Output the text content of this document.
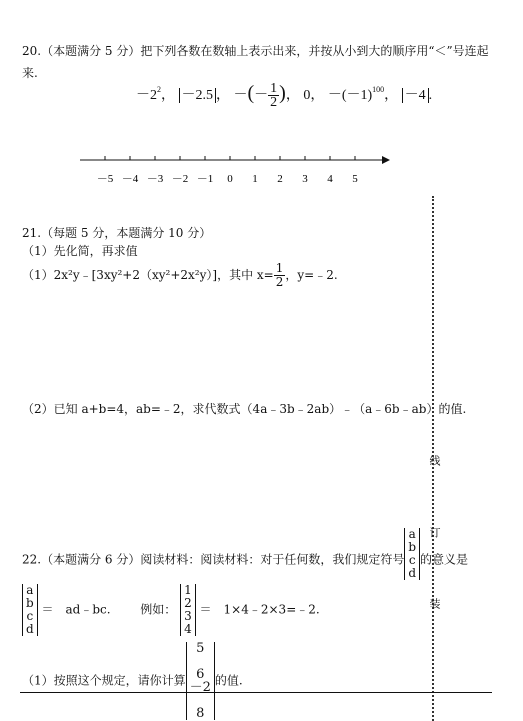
20.（本题满分 5 分）把下列各数在数轴上表示出来，并按从小到大的顺序用“＜”号连起
来.
$-2^2$， －2.5 ， －(－ $\frac{1}{2}$ )， 0， $-(-1)^{100}$， －4 .
－5 －4 －3 －2 －1 0 1 2 3 4 5
21.（每题 5 分，本题满分 10 分）
（1）先化简，再求值
（1）2x²y﹣[3xy²+2（xy²+2x²y）]，其中 $x= \frac{1}{2}$ ，y=﹣2.
（2）已知 a+b=4，ab=﹣2，求代数式（4a﹣3b﹣2ab）﹣（a﹣6b﹣ab）的值.
22.（本题满分 6 分）阅读材料：阅读材料：对于任何数，我们规定符号
a
b
c
d
的意义是
a
b
c
d
＝　ad﹣bc. 例如：
1
2
3
4
＝　1×4﹣2×3=﹣2.
（1）按照这个规定，请你计算
5

6
－2

8
的值.
线
订
装
